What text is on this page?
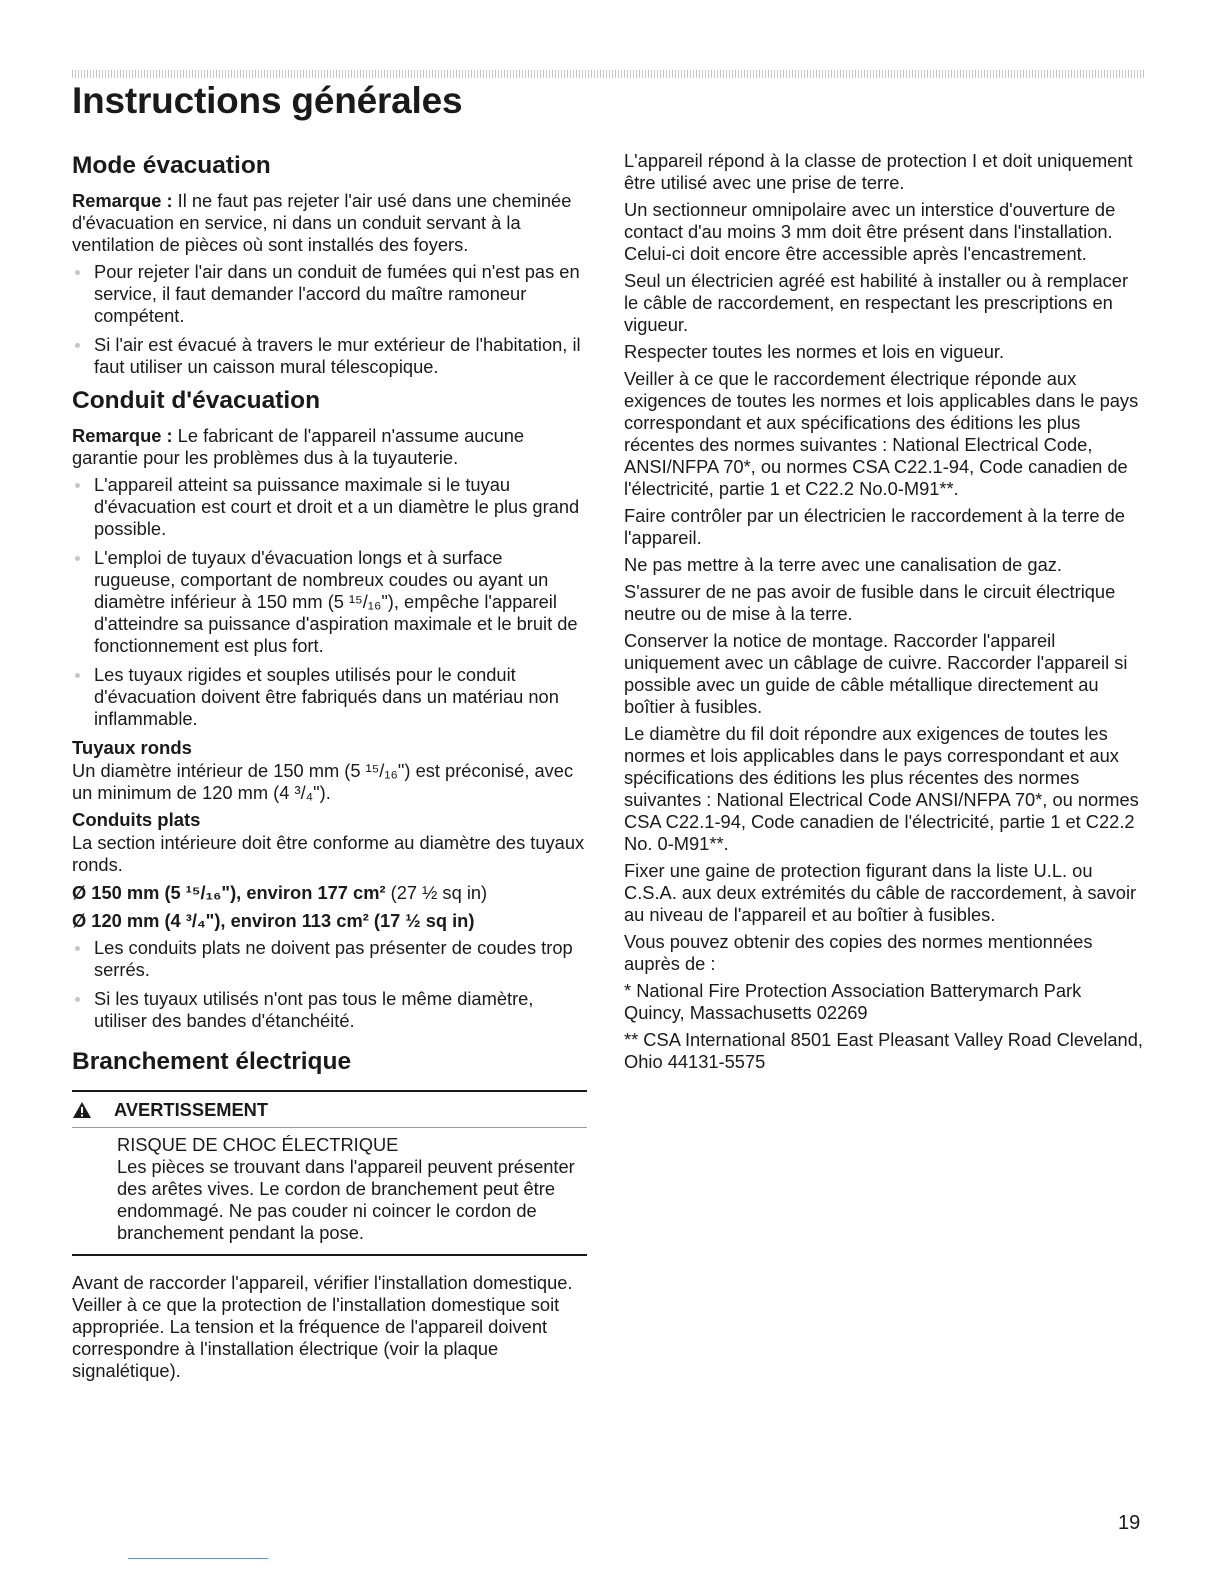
Instructions générales
Mode évacuation

Remarque : Il ne faut pas rejeter l'air usé dans une cheminée d'évacuation en service, ni dans un conduit servant à la ventilation de pièces où sont installés des foyers.

Pour rejeter l'air dans un conduit de fumées qui n'est pas en service, il faut demander l'accord du maître ramoneur compétent.
Si l'air est évacué à travers le mur extérieur de l'habitation, il faut utiliser un caisson mural télescopique.
Conduit d'évacuation

Remarque : Le fabricant de l'appareil n'assume aucune garantie pour les problèmes dus à la tuyauterie.

L'appareil atteint sa puissance maximale si le tuyau d'évacuation est court et droit et a un diamètre le plus grand possible.
L'emploi de tuyaux d'évacuation longs et à surface rugueuse, comportant de nombreux coudes ou ayant un diamètre inférieur à 150 mm (5 ¹⁵/₁₆"), empêche l'appareil d'atteindre sa puissance d'aspiration maximale et le bruit de fonctionnement est plus fort.
Les tuyaux rigides et souples utilisés pour le conduit d'évacuation doivent être fabriqués dans un matériau non inflammable.
Tuyaux ronds

Un diamètre intérieur de 150 mm (5 ¹⁵/₁₆") est préconisé, avec un minimum de 120 mm (4 ³/₄").

Conduits plats

La section intérieure doit être conforme au diamètre des tuyaux ronds.

Ø 150 mm (5 ¹⁵/₁₆"), environ 177 cm² (27 ½ sq in)
Ø 120 mm (4 ³/₄"), environ 113 cm² (17 ½ sq in)
Les conduits plats ne doivent pas présenter de coudes trop serrés.
Si les tuyaux utilisés n'ont pas tous le même diamètre, utiliser des bandes d'étanchéité.
Branchement électrique
AVERTISSEMENT

RISQUE DE CHOC ÉLECTRIQUE

Les pièces se trouvant dans l'appareil peuvent présenter des arêtes vives. Le cordon de branchement peut être endommagé. Ne pas couder ni coincer le cordon de branchement pendant la pose.

Avant de raccorder l'appareil, vérifier l'installation domestique. Veiller à ce que la protection de l'installation domestique soit appropriée. La tension et la fréquence de l'appareil doivent correspondre à l'installation électrique (voir la plaque signalétique).

L'appareil répond à la classe de protection I et doit uniquement être utilisé avec une prise de terre.

Un sectionneur omnipolaire avec un interstice d'ouverture de contact d'au moins 3 mm doit être présent dans l'installation. Celui-ci doit encore être accessible après l'encastrement.

Seul un électricien agréé est habilité à installer ou à remplacer le câble de raccordement, en respectant les prescriptions en vigueur.

Respecter toutes les normes et lois en vigueur.

Veiller à ce que le raccordement électrique réponde aux exigences de toutes les normes et lois applicables dans le pays correspondant et aux spécifications des éditions les plus récentes des normes suivantes : National Electrical Code, ANSI/NFPA 70*, ou normes CSA C22.1-94, Code canadien de l'électricité, partie 1 et C22.2 No.0-M91**.

Faire contrôler par un électricien le raccordement à la terre de l'appareil.

Ne pas mettre à la terre avec une canalisation de gaz.

S'assurer de ne pas avoir de fusible dans le circuit électrique neutre ou de mise à la terre.

Conserver la notice de montage. Raccorder l'appareil uniquement avec un câblage de cuivre. Raccorder l'appareil si possible avec un guide de câble métallique directement au boîtier à fusibles.

Le diamètre du fil doit répondre aux exigences de toutes les normes et lois applicables dans le pays correspondant et aux spécifications des éditions les plus récentes des normes suivantes : National Electrical Code ANSI/NFPA 70*, ou normes CSA C22.1-94, Code canadien de l'électricité, partie 1 et C22.2 No. 0-M91**.

Fixer une gaine de protection figurant dans la liste U.L. ou C.S.A. aux deux extrémités du câble de raccordement, à savoir au niveau de l'appareil et au boîtier à fusibles.

Vous pouvez obtenir des copies des normes mentionnées auprès de :

* National Fire Protection Association Batterymarch Park Quincy, Massachusetts 02269

** CSA International 8501 East Pleasant Valley Road Cleveland, Ohio 44131-5575

19
